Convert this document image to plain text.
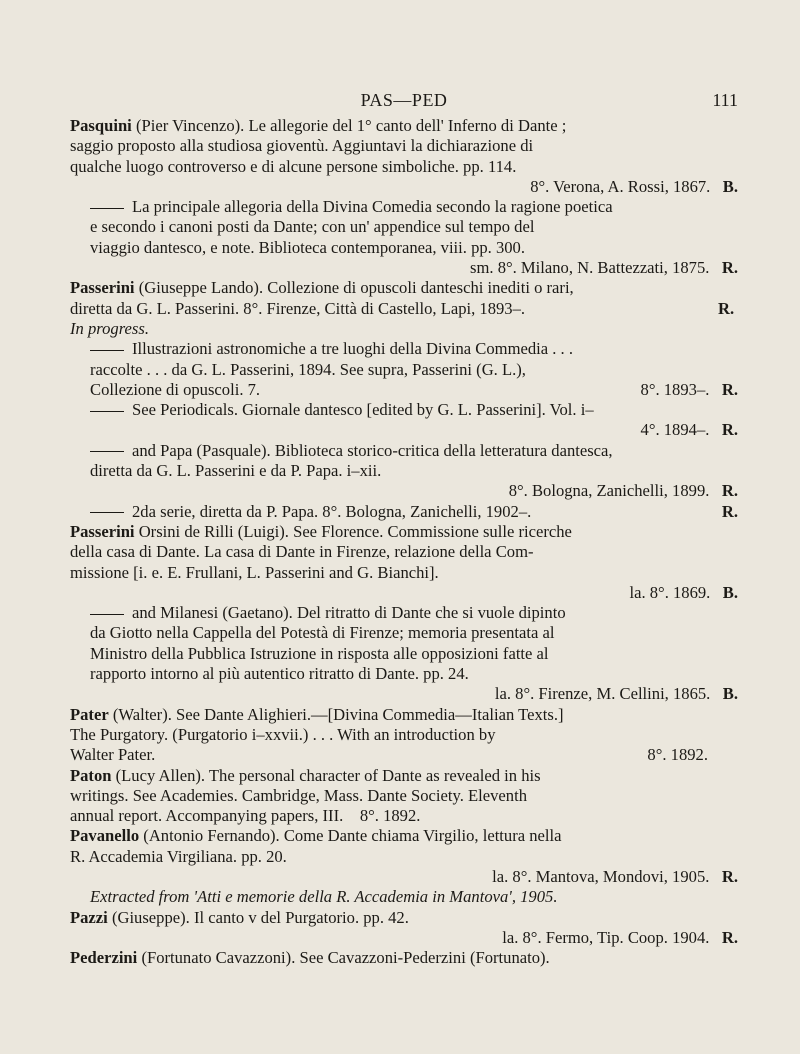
PAS—PED	111

Pasquini (Pier Vincenzo). Le allegorie del 1° canto dell' Inferno di Dante ;
saggio proposto alla studiosa gioventù. Aggiuntavi la dichiarazione di
qualche luogo controverso e di alcune persone simboliche. pp. 114.
8°. Verona, A. Rossi, 1867. B.

La principale allegoria della Divina Comedia secondo la ragione poetica
e secondo i canoni posti da Dante; con un' appendice sul tempo del
viaggio dantesco, e note. Biblioteca contemporanea, viii. pp. 300.
sm. 8°. Milano, N. Battezzati, 1875. R.

Passerini (Giuseppe Lando). Collezione di opuscoli danteschi inediti o rari,
diretta da G. L. Passerini. 8°. Firenze, Città di Castello, Lapi, 1893–.	R.
In progress.

Illustrazioni astronomiche a tre luoghi della Divina Commedia . . .
raccolte . . . da G. L. Passerini, 1894. See supra, Passerini (G. L.),
Collezione di opuscoli. 7.	8°. 1893–. R.

See Periodicals. Giornale dantesco [edited by G. L. Passerini]. Vol. i–
4°. 1894–. R.

and Papa (Pasquale). Biblioteca storico-critica della letteratura dantesca,
diretta da G. L. Passerini e da P. Papa. i–xii.
8°. Bologna, Zanichelli, 1899. R.

2da serie, diretta da P. Papa. 8°. Bologna, Zanichelli, 1902–.	R.

Passerini Orsini de Rilli (Luigi). See Florence. Commissione sulle ricerche
della casa di Dante. La casa di Dante in Firenze, relazione della Com-
missione [i. e. E. Frullani, L. Passerini and G. Bianchi].
la. 8°. 1869. B.

and Milanesi (Gaetano). Del ritratto di Dante che si vuole dipinto
da Giotto nella Cappella del Potestà di Firenze; memoria presentata al
Ministro della Pubblica Istruzione in risposta alle opposizioni fatte al
rapporto intorno al più autentico ritratto di Dante. pp. 24.
la. 8°. Firenze, M. Cellini, 1865. B.

Pater (Walter). See Dante Alighieri.—[Divina Commedia—Italian Texts.]
The Purgatory. (Purgatorio i–xxvii.) . . . With an introduction by
Walter Pater.	8°. 1892.

Paton (Lucy Allen). The personal character of Dante as revealed in his
writings. See Academies. Cambridge, Mass. Dante Society. Eleventh
annual report. Accompanying papers, III. 8°. 1892.

Pavanello (Antonio Fernando). Come Dante chiama Virgilio, lettura nella
R. Accademia Virgiliana. pp. 20.
la. 8°. Mantova, Mondovi, 1905. R.

Extracted from 'Atti e memorie della R. Accademia in Mantova', 1905.

Pazzi (Giuseppe). Il canto v del Purgatorio. pp. 42.
la. 8°. Fermo, Tip. Coop. 1904. R.

Pederzini (Fortunato Cavazzoni). See Cavazzoni-Pederzini (Fortunato).
